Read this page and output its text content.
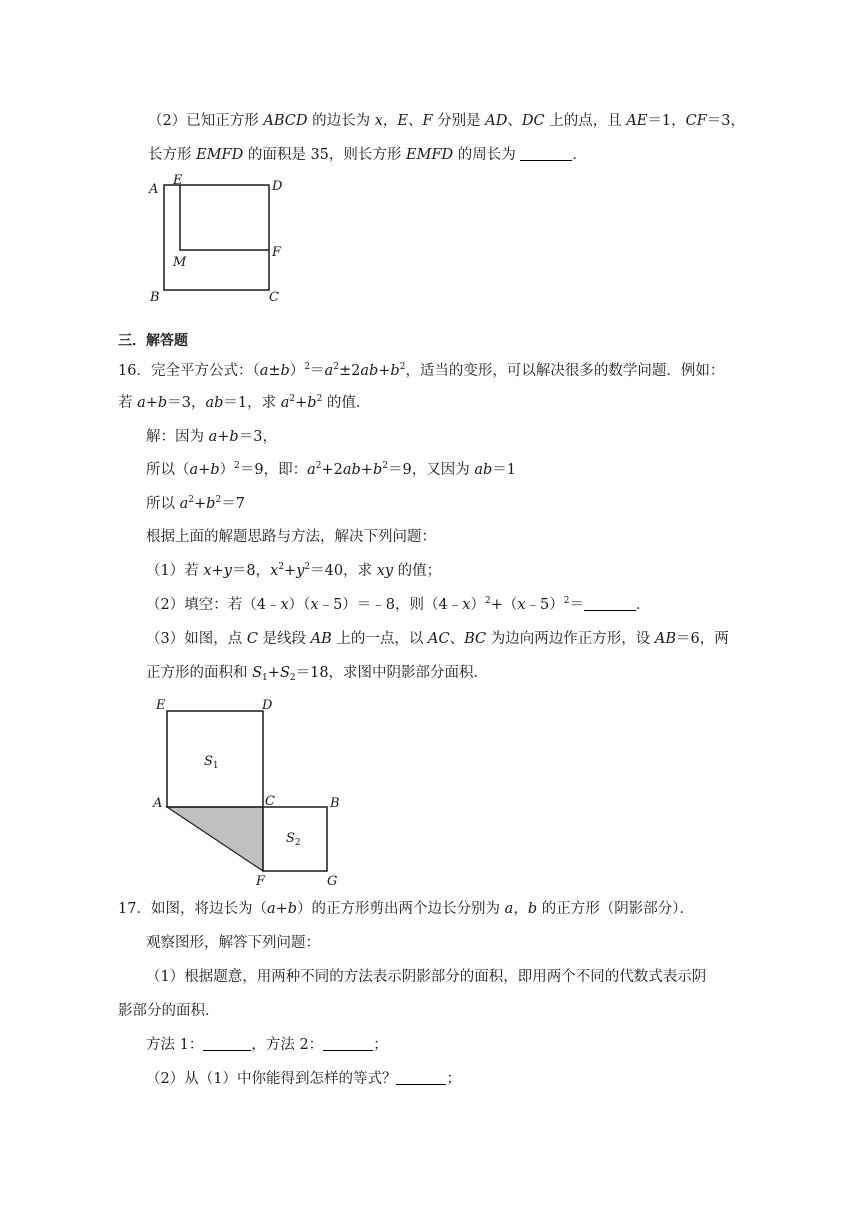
（2）已知正方形 ABCD 的边长为 x，E、F 分别是 AD、DC 上的点，且 AE＝1，CF＝3，
长方形 EMFD 的面积是 35，则长方形 EMFD 的周长为	．
A
E	D
M
F
B	C
三．解答题
16．完全平方公式：$(a\pm b)^2=a^2\pm 2ab+b^2$，适当的变形，可以解决很多的数学问题．例如：
若 a+b＝3，ab＝1，求 $a^2+b^2$ 的值．
解：因为 a+b＝3，
所以$(a+b)^2=9$，即：$a^2+2ab+b^2=9$，又因为 ab＝1
所以 $a^2+b^2=7$
根据上面的解题思路与方法，解决下列问题：
（1）若 x+y＝8，$x^2+y^2=40$，求 xy 的值；
（2）填空：若（4﹣x）（x﹣5）＝﹣8，则（4﹣x）$^2$+（x﹣5）$^2$＝	．
（3）如图，点 C 是线段 AB 上的一点，以 AC、BC 为边向两边作正方形，设 AB＝6，两
正方形的面积和 $S_1+S_2=18$，求图中阴影部分面积．
E	D
A	C	B
F	G
$S_1$
$S_2$
17．如图，将边长为（a+b）的正方形剪出两个边长分别为 a，b 的正方形（阴影部分）．
观察图形，解答下列问题：
（1）根据题意，用两种不同的方法表示阴影部分的面积，即用两个不同的代数式表示阴
影部分的面积．
方法 1：	，方法 2：	；
（2）从（1）中你能得到怎样的等式？	；
